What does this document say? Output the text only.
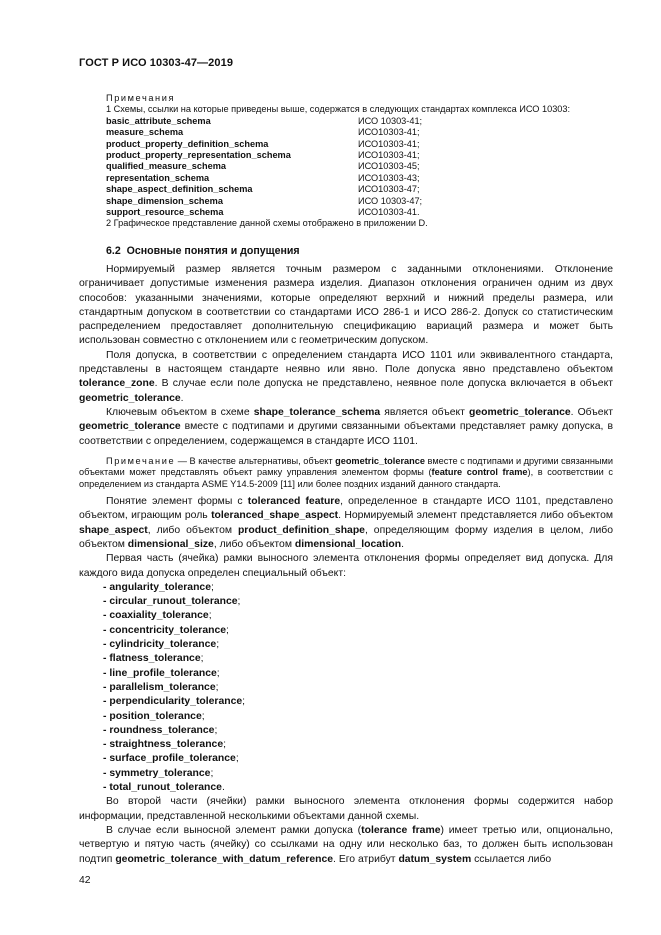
ГОСТ Р ИСО 10303-47—2019

Примечания

1 Схемы, ссылки на которые приведены выше, содержатся в следующих стандартах комплекса ИСО 10303:

basic_attribute_schema	ИСО 10303-41;
measure_schema	ИСО10303-41;
product_property_definition_schema	ИСО10303-41;
product_property_representation_schema	ИСО10303-41;
qualified_measure_schema	ИСО10303-45;
representation_schema	ИСО10303-43;
shape_aspect_definition_schema	ИСО10303-47;
shape_dimension_schema	ИСО 10303-47;
support_resource_schema	ИСО10303-41.

2 Графическое представление данной схемы отображено в приложении D.

6.2 Основные понятия и допущения

Нормируемый размер является точным размером с заданными отклонениями. Отклонение ограничивает допустимые изменения размера изделия. Диапазон отклонения ограничен одним из двух способов: указанными значениями, которые определяют верхний и нижний пределы размера, или стандартным допуском в соответствии со стандартами ИСО 286-1 и ИСО 286-2. Допуск со статистическим распределением предоставляет дополнительную спецификацию вариаций размера и может быть использован совместно с отклонением или с геометрическим допуском.

Поля допуска, в соответствии с определением стандарта ИСО 1101 или эквивалентного стандарта, представлены в настоящем стандарте неявно или явно. Поле допуска явно представлено объектом tolerance_zone. В случае если поле допуска не представлено, неявное поле допуска включается в объект geometric_tolerance.

Ключевым объектом в схеме shape_tolerance_schema является объект geometric_tolerance. Объект geometric_tolerance вместе с подтипами и другими связанными объектами представляет рамку допуска, в соответствии с определением, содержащемся в стандарте ИСО 1101.

Примечание — В качестве альтернативы, объект geometric_tolerance вместе с подтипами и другими связанными объектами может представлять объект рамку управления элементом формы (feature control frame), в соответствии с определением из стандарта ASME Y14.5-2009 [11] или более поздних изданий данного стандарта.

Понятие элемент формы с toleranced feature, определенное в стандарте ИСО 1101, представлено объектом, играющим роль toleranced_shape_aspect. Нормируемый элемент представляется либо объектом shape_aspect, либо объектом product_definition_shape, определяющим форму изделия в целом, либо объектом dimensional_size, либо объектом dimensional_location.

Первая часть (ячейка) рамки выносного элемента отклонения формы определяет вид допуска. Для каждого вида допуска определен специальный объект:

- angularity_tolerance;
- circular_runout_tolerance;
- coaxiality_tolerance;
- concentricity_tolerance;
- cylindricity_tolerance;
- flatness_tolerance;
- line_profile_tolerance;
- parallelism_tolerance;
- perpendicularity_tolerance;
- position_tolerance;
- roundness_tolerance;
- straightness_tolerance;
- surface_profile_tolerance;
- symmetry_tolerance;
- total_runout_tolerance.

Во второй части (ячейки) рамки выносного элемента отклонения формы содержится набор информации, представленной несколькими объектами данной схемы.

В случае если выносной элемент рамки допуска (tolerance frame) имеет третью или, опционально, четвертую и пятую часть (ячейку) со ссылками на одну или несколько баз, то должен быть использован подтип geometric_tolerance_with_datum_reference. Его атрибут datum_system ссылается либо

42
